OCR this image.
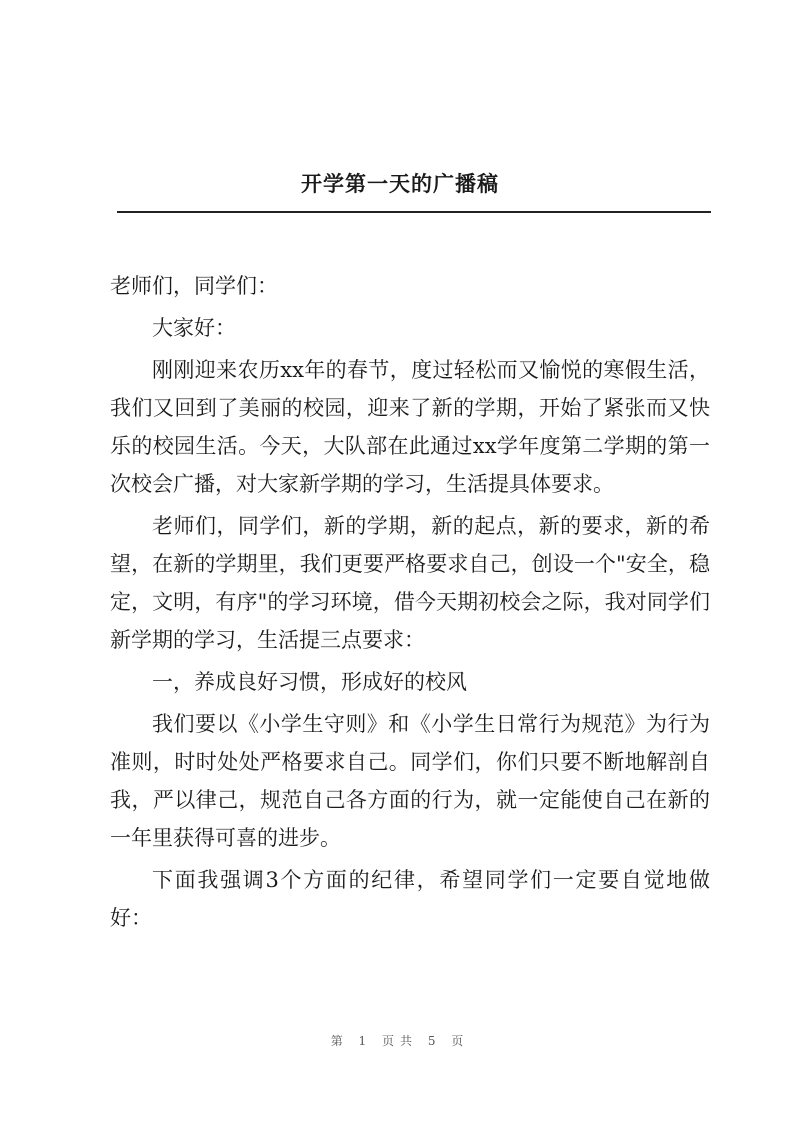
开学第一天的广播稿

老师们，同学们：

大家好：

刚刚迎来农历xx年的春节，度过轻松而又愉悦的寒假生活，我们又回到了美丽的校园，迎来了新的学期，开始了紧张而又快乐的校园生活。今天，大队部在此通过xx学年度第二学期的第一次校会广播，对大家新学期的学习，生活提具体要求。

老师们，同学们，新的学期，新的起点，新的要求，新的希望，在新的学期里，我们更要严格要求自己，创设一个"安全，稳定，文明，有序"的学习环境，借今天期初校会之际，我对同学们新学期的学习，生活提三点要求：

一，养成良好习惯，形成好的校风

我们要以《小学生守则》和《小学生日常行为规范》为行为准则，时时处处严格要求自己。同学们，你们只要不断地解剖自我，严以律己，规范自己各方面的行为，就一定能使自己在新的一年里获得可喜的进步。

下面我强调3个方面的纪律，希望同学们一定要自觉地做好：

第 1 页共 5 页
